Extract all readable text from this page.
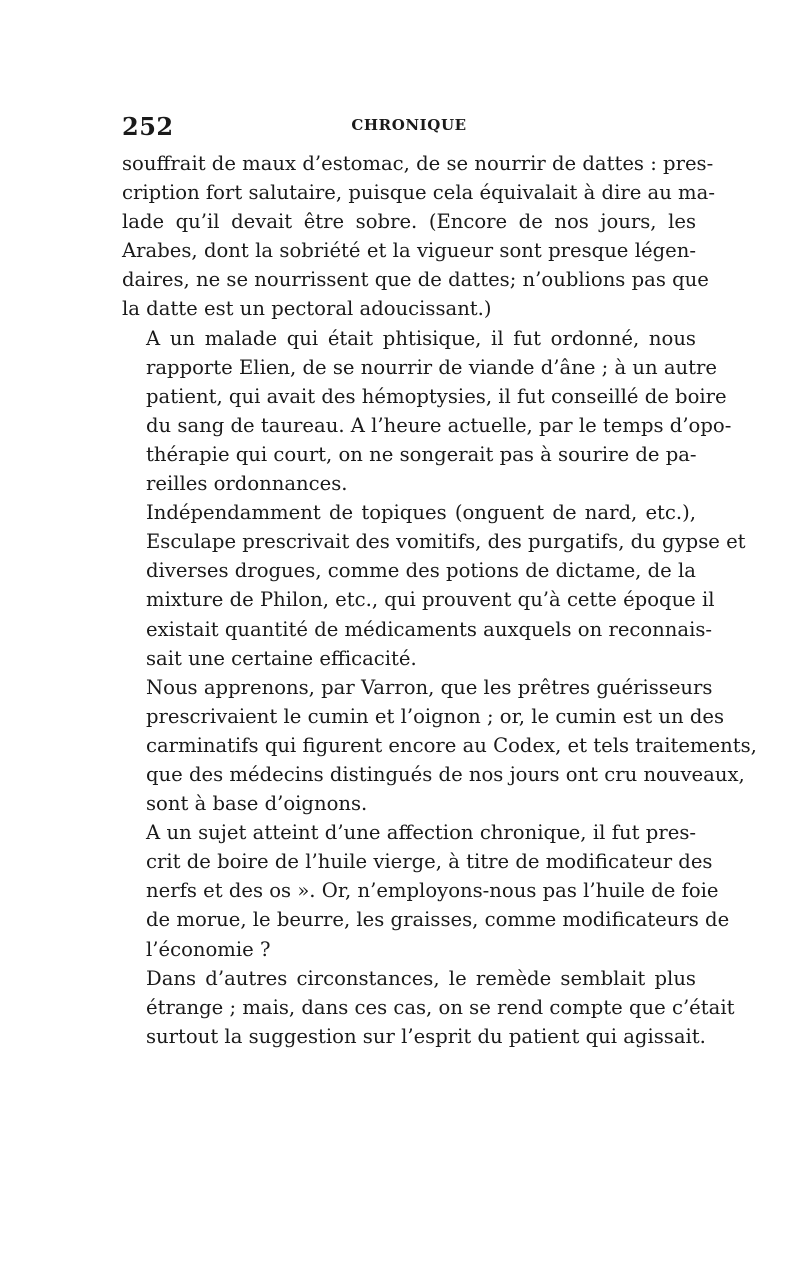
252	CHRONIQUE

souffrait de maux d’estomac, de se nourrir de dattes : pres-
cription fort salutaire, puisque cela équivalait à dire au ma-
lade qu’il devait être sobre. (Encore de nos jours, les
Arabes, dont la sobriété et la vigueur sont presque légen-
daires, ne se nourrissent que de dattes; n’oublions pas que
la datte est un pectoral adoucissant.)

A un malade qui était phtisique, il fut ordonné, nous
rapporte Elien, de se nourrir de viande d’âne ; à un autre
patient, qui avait des hémoptysies, il fut conseillé de boire
du sang de taureau. A l’heure actuelle, par le temps d’opo-
thérapie qui court, on ne songerait pas à sourire de pa-
reilles ordonnances.

Indépendamment de topiques (onguent de nard, etc.),
Esculape prescrivait des vomitifs, des purgatifs, du gypse et
diverses drogues, comme des potions de dictame, de la
mixture de Philon, etc., qui prouvent qu’à cette époque il
existait quantité de médicaments auxquels on reconnais-
sait une certaine efficacité.

Nous apprenons, par Varron, que les prêtres guérisseurs
prescrivaient le cumin et l’oignon ; or, le cumin est un des
carminatifs qui figurent encore au Codex, et tels traitements,
que des médecins distingués de nos jours ont cru nouveaux,
sont à base d’oignons.

A un sujet atteint d’une affection chronique, il fut pres-
crit de boire de l’huile vierge, à titre de modificateur des
nerfs et des os ». Or, n’employons-nous pas l’huile de foie
de morue, le beurre, les graisses, comme modificateurs de
l’économie ?

Dans d’autres circonstances, le remède semblait plus
étrange ; mais, dans ces cas, on se rend compte que c’était
surtout la suggestion sur l’esprit du patient qui agissait.
